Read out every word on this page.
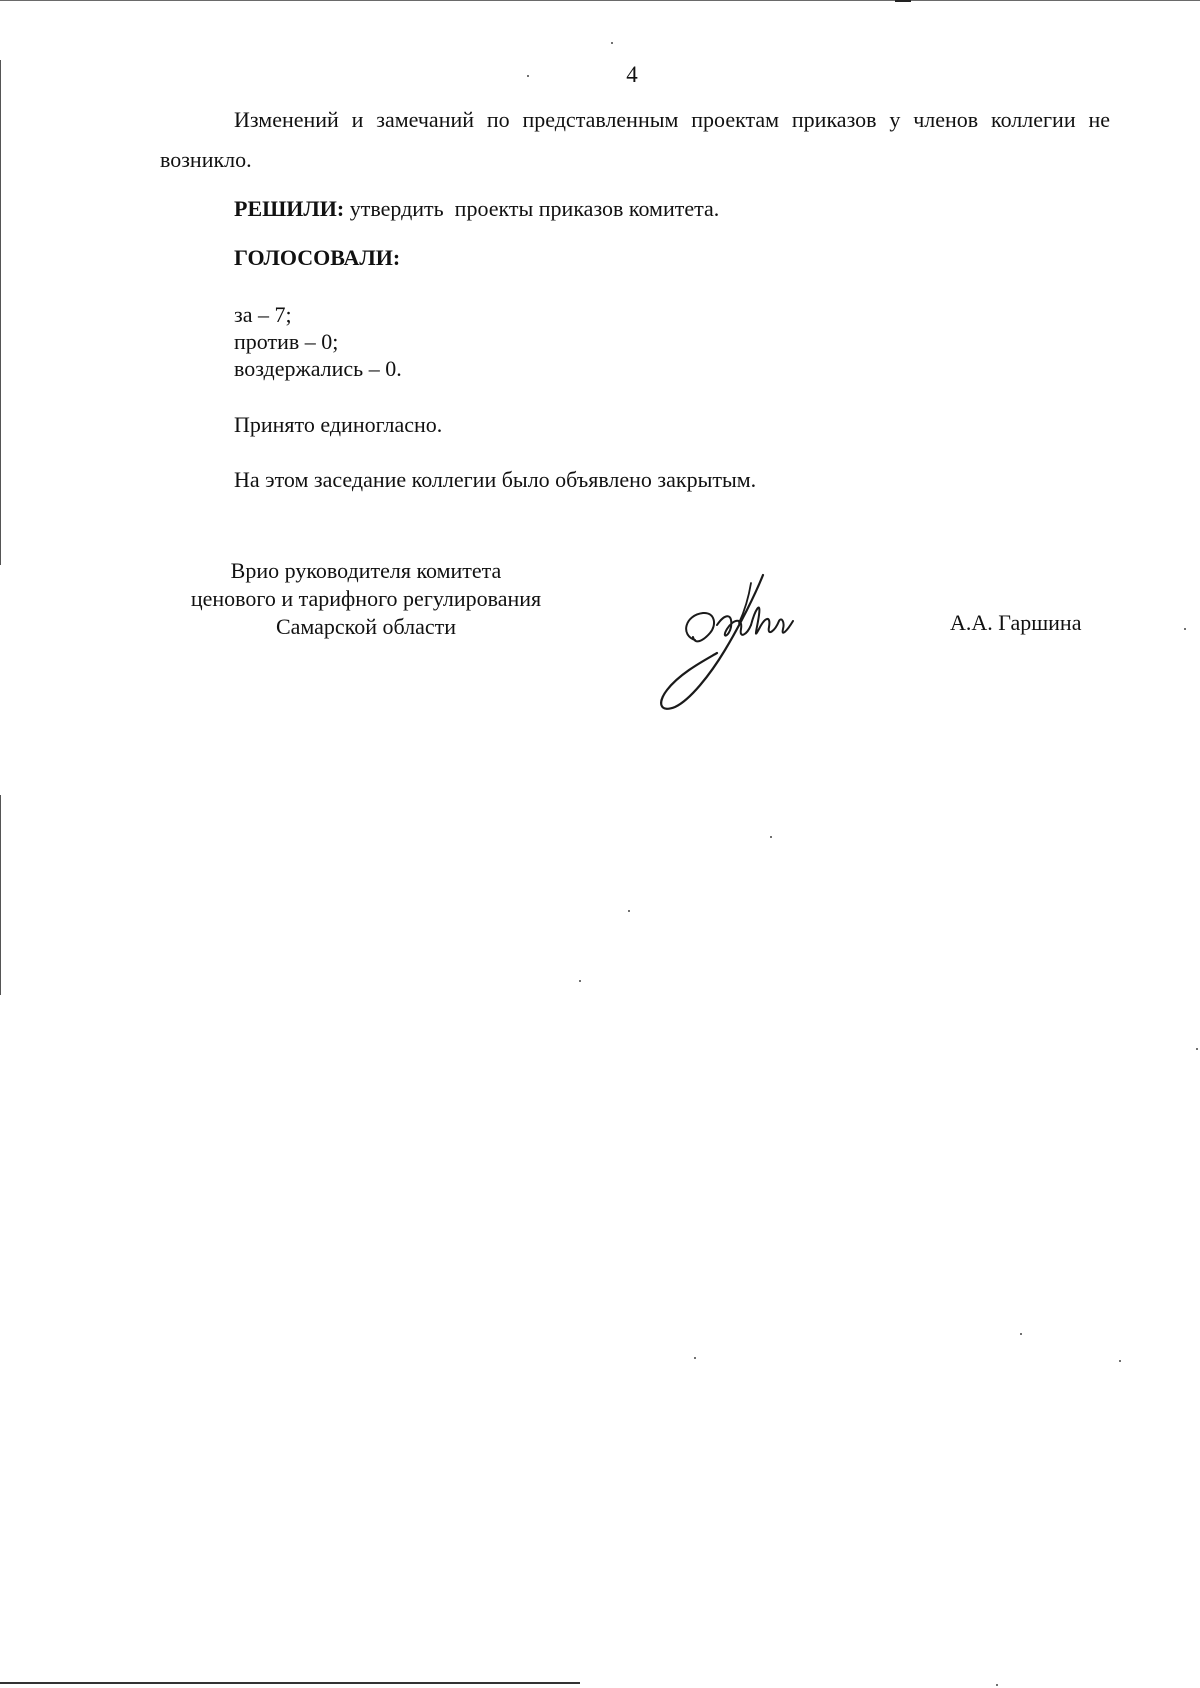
4

Изменений и замечаний по представленным проектам приказов у членов коллегии не возникло.

РЕШИЛИ: утвердить  проекты приказов комитета.

ГОЛОСОВАЛИ:

за – 7;
против – 0;
воздержались – 0.

Принято единогласно.

На этом заседание коллегии было объявлено закрытым.

Врио руководителя комитета
ценового и тарифного регулирования
Самарской области	А.А. Гаршина
